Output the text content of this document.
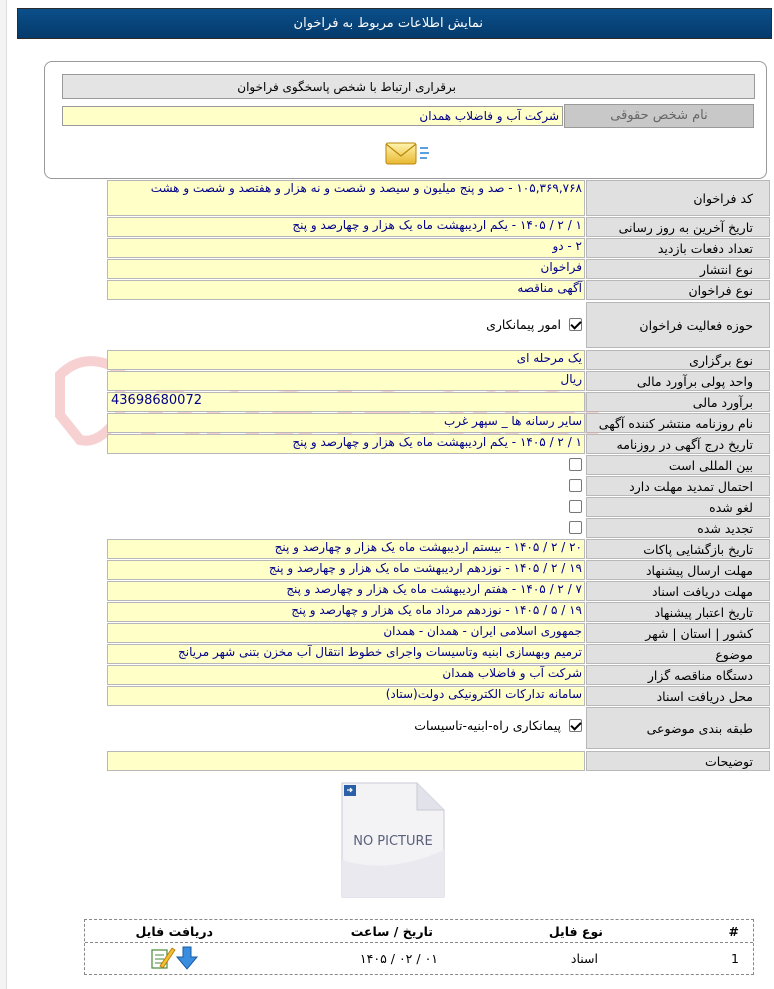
نمایش اطلاعات مربوط به فراخوان
برقراری ارتباط با شخص پاسخگوی فراخوان
نام شخص حقوقی
شرکت آب و فاضلاب همدان
کد فراخوان
۱۰۵,۳۶۹,۷۶۸ - صد و پنج میلیون و سیصد و شصت و نه هزار و هفتصد و شصت و هشت
تاریخ آخرین به روز رسانی
۱ / ۲ / ۱۴۰۵ - یکم اردیبهشت ماه یک هزار و چهارصد و پنج
تعداد دفعات بازدید
۲ - دو
نوع انتشار
فراخوان
نوع فراخوان
آگهی مناقصه
حوزه فعالیت فراخوان
امور پیمانکاری
نوع برگزاری
یک مرحله ای
واحد پولی برآورد مالی
ریال
برآورد مالی
43698680072
نام روزنامه منتشر کننده آگهی
سایر رسانه ها _ سپهر غرب
تاریخ درج آگهی در روزنامه
۱ / ۲ / ۱۴۰۵ - یکم اردیبهشت ماه یک هزار و چهارصد و پنج
بین المللی است
احتمال تمدید مهلت دارد
لغو شده
تجدید شده
تاریخ بازگشایی پاکات
۲۰ / ۲ / ۱۴۰۵ - بیستم اردیبهشت ماه یک هزار و چهارصد و پنج
مهلت ارسال پیشنهاد
۱۹ / ۲ / ۱۴۰۵ - نوزدهم اردیبهشت ماه یک هزار و چهارصد و پنج
مهلت دریافت اسناد
۷ / ۲ / ۱۴۰۵ - هفتم اردیبهشت ماه یک هزار و چهارصد و پنج
تاریخ اعتبار پیشنهاد
۱۹ / ۵ / ۱۴۰۵ - نوزدهم مرداد ماه یک هزار و چهارصد و پنج
کشور | استان | شهر
جمهوری اسلامی ایران - همدان - همدان
موضوع
ترمیم وبهسازی ابنیه وتاسیسات واجرای خطوط انتقال آب مخزن بتنی شهر مریانج
دستگاه مناقصه گزار
شرکت آب و فاضلاب همدان
محل دریافت اسناد
سامانه تدارکات الکترونیکی دولت(ستاد)
طبقه بندی موضوعی
پیمانکاری راه-ابنیه-تاسیسات
توضیحات
NO PICTURE
#
نوع فایل
تاریخ / ساعت
دریافت فایل
1
اسناد
۰۱ / ۰۲ / ۱۴۰۵
